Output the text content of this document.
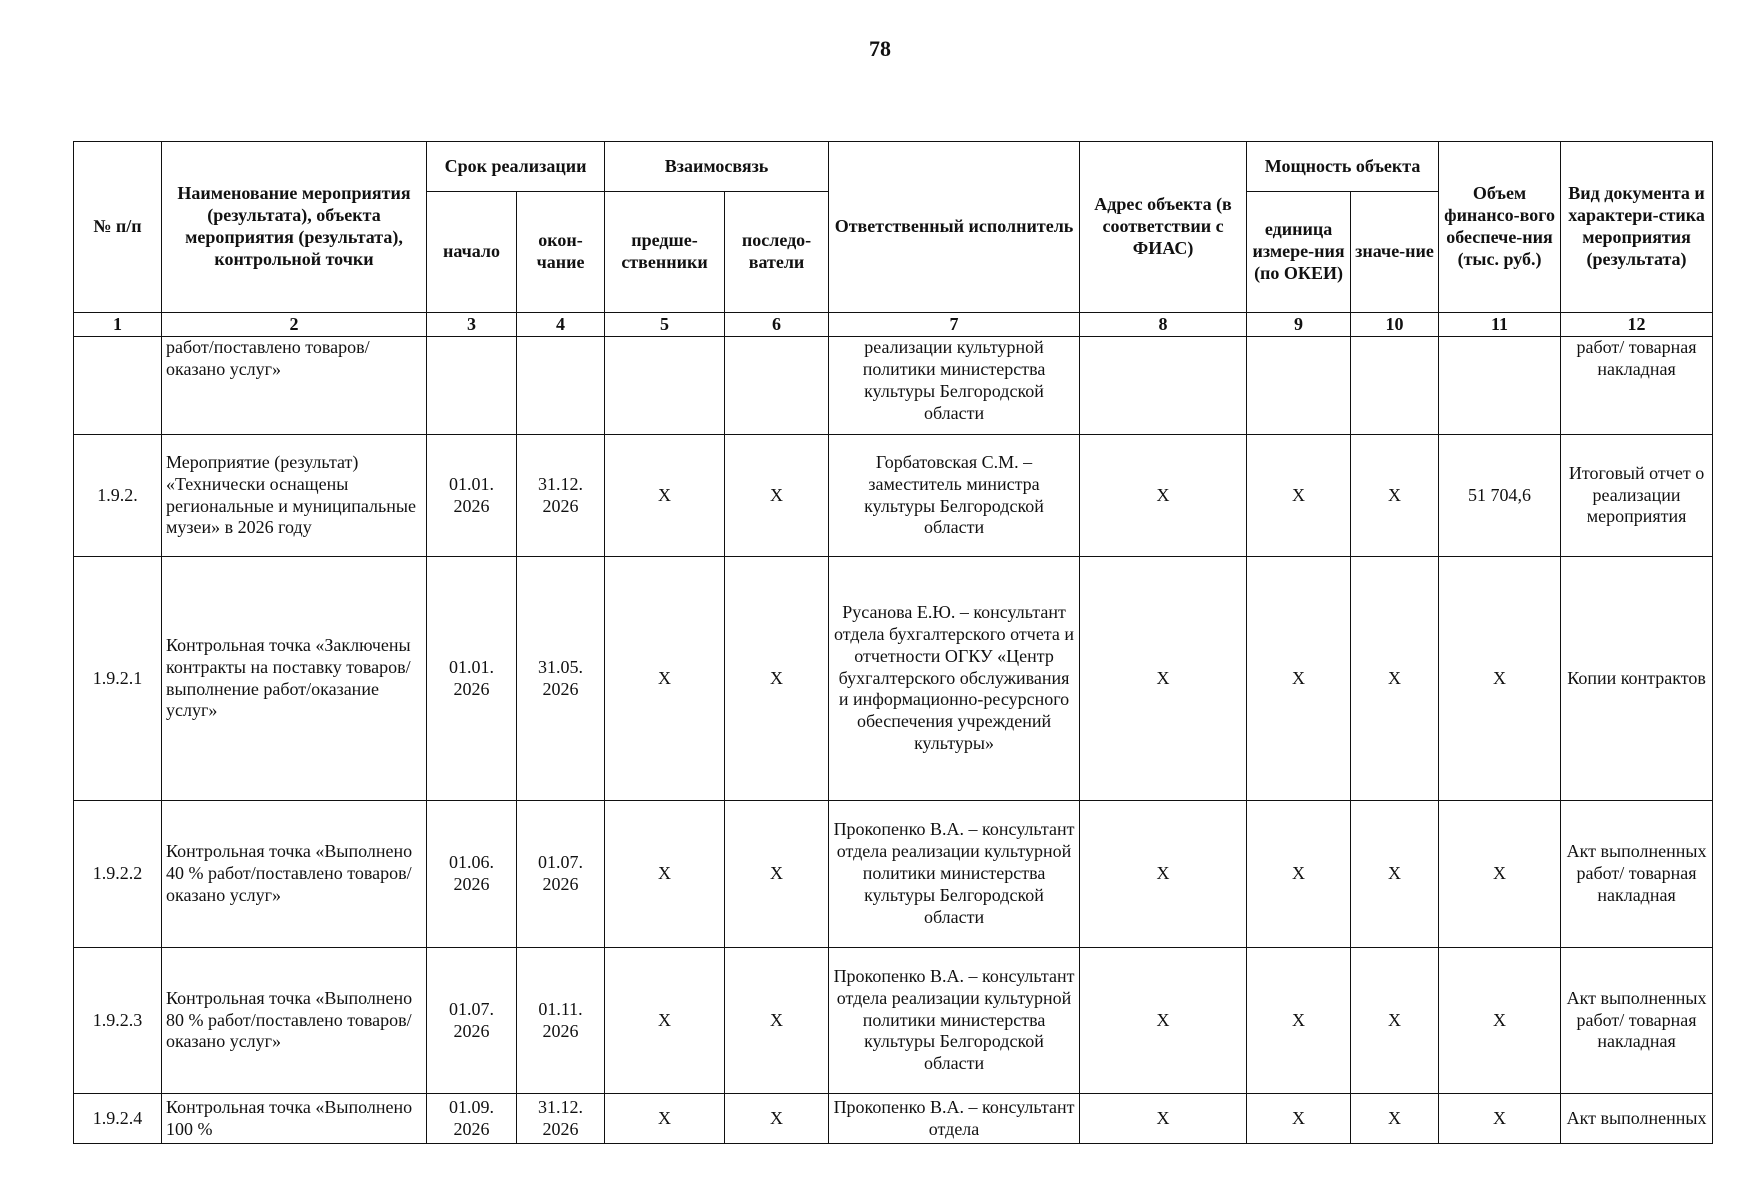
78
№ п/п	Наименование мероприятия (результата), объекта мероприятия (результата), контрольной точки	Срок реализации		Взаимосвязь		Ответственный исполнитель	Адрес объекта (в соответствии с ФИАС)	Мощность объекта		Объем финансо-вого обеспече-ния (тыс. руб.)	Вид документа и характери-стика мероприятия (результата)
		начало	окон-чание	предше-ственники	последо-ватели			единица измере-ния (по ОКЕИ)	значе-ние		
1	2	3	4	5	6	7	8	9	10	11	12
	работ/поставлено товаров/оказано услуг»					реализации культурной политики министерства культуры Белгородской области					работ/ товарная накладная
1.9.2.	Мероприятие (результат) «Технически оснащены региональные и муниципальные музеи» в 2026 году	01.01. 2026	31.12. 2026	X	X	Горбатовская С.М. – заместитель министра культуры Белгородской области	X	X	X	51 704,6	Итоговый отчет о реализации мероприятия
1.9.2.1	Контрольная точка «Заключены контракты на поставку товаров/выполнение работ/оказание услуг»	01.01. 2026	31.05. 2026	X	X	Русанова Е.Ю. – консультант отдела бухгалтерского отчета и отчетности ОГКУ «Центр бухгалтерского обслуживания и информационно-ресурсного обеспечения учреждений культуры»	X	X	X	X	Копии контрактов
1.9.2.2	Контрольная точка «Выполнено 40 % работ/поставлено товаров/оказано услуг»	01.06. 2026	01.07. 2026	X	X	Прокопенко В.А. – консультант отдела реализации культурной политики министерства культуры Белгородской области	X	X	X	X	Акт выполненных работ/ товарная накладная
1.9.2.3	Контрольная точка «Выполнено 80 % работ/поставлено товаров/оказано услуг»	01.07. 2026	01.11. 2026	X	X	Прокопенко В.А. – консультант отдела реализации культурной политики министерства культуры Белгородской области	X	X	X	X	Акт выполненных работ/ товарная накладная
1.9.2.4	Контрольная точка «Выполнено 100 %	01.09. 2026	31.12. 2026	X	X	Прокопенко В.А. – консультант отдела	X	X	X	X	Акт выполненных
